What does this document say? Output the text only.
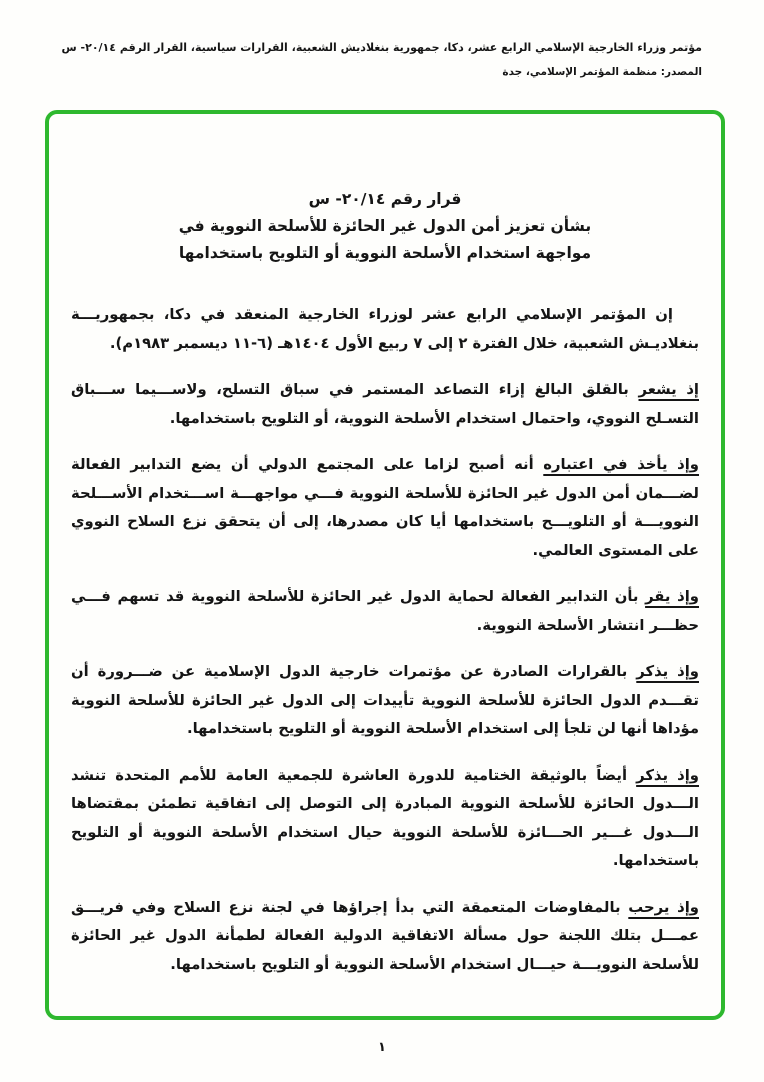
مؤتمر وزراء الخارجية الإسلامي الرابع عشر، دكا، جمهورية بنغلاديش الشعبية، القرارات سياسية، القرار الرقم ٢٠/١٤- س
المصدر: منظمة المؤتمر الإسلامي، جدة
قرار رقم ٢٠/١٤- س
بشأن تعزيز أمن الدول غير الحائزة للأسلحة النووية في
مواجهة استخدام الأسلحة النووية أو التلويح باستخدامها

إن المؤتمر الإسلامي الرابع عشر لوزراء الخارجية المنعقد في دكا، بجمهوريـــة بنغلاديـش الشعبية، خلال الفترة ٢ إلى ٧ ربيع الأول ١٤٠٤هـ (٦-١١ ديسمبر ١٩٨٣م).

إذ يشعر بالقلق البالغ إزاء التصاعد المستمر في سباق التسلح، ولاســـيما ســـباق التسـلح النووي، واحتمال استخدام الأسلحة النووية، أو التلويح باستخدامها.

وإذ يأخذ في اعتباره أنه أصبح لزاما على المجتمع الدولي أن يضع التدابير الفعالة لضـــمان أمن الدول غير الحائزة للأسلحة النووية فـــي مواجهـــة اســـتخدام الأســـلحة النوويـــة أو التلويـــح باستخدامها أيا كان مصدرها، إلى أن يتحقق نزع السلاح النووي على المستوى العالمي.

وإذ يقر بأن التدابير الفعالة لحماية الدول غير الحائزة للأسلحة النووية قد تسهم فـــي حظـــر انتشار الأسلحة النووية.

وإذ يذكر بالقرارات الصادرة عن مؤتمرات خارجية الدول الإسلامية عن ضـــرورة أن تقـــدم الدول الحائزة للأسلحة النووية تأييدات إلى الدول غير الحائزة للأسلحة النووية مؤداها أنها لن تلجأ إلى استخدام الأسلحة النووية أو التلويح باستخدامها.

وإذ يذكر أيضاً بالوثيقة الختامية للدورة العاشرة للجمعية العامة للأمم المتحدة تنشد الـــدول الحائزة للأسلحة النووية المبادرة إلى التوصل إلى اتفاقية تطمئن بمقتضاها الـــدول غـــير الحـــائزة للأسلحة النووية حيال استخدام الأسلحة النووية أو التلويح باستخدامها.

وإذ يرحب بالمفاوضات المتعمقة التي بدأ إجراؤها في لجنة نزع السلاح وفي فريـــق عمـــل بتلك اللجنة حول مسألة الاتفاقية الدولية الفعالة لطمأنة الدول غير الحائزة للأسلحة النوويـــة حيـــال استخدام الأسلحة النووية أو التلويح باستخدامها.

١
